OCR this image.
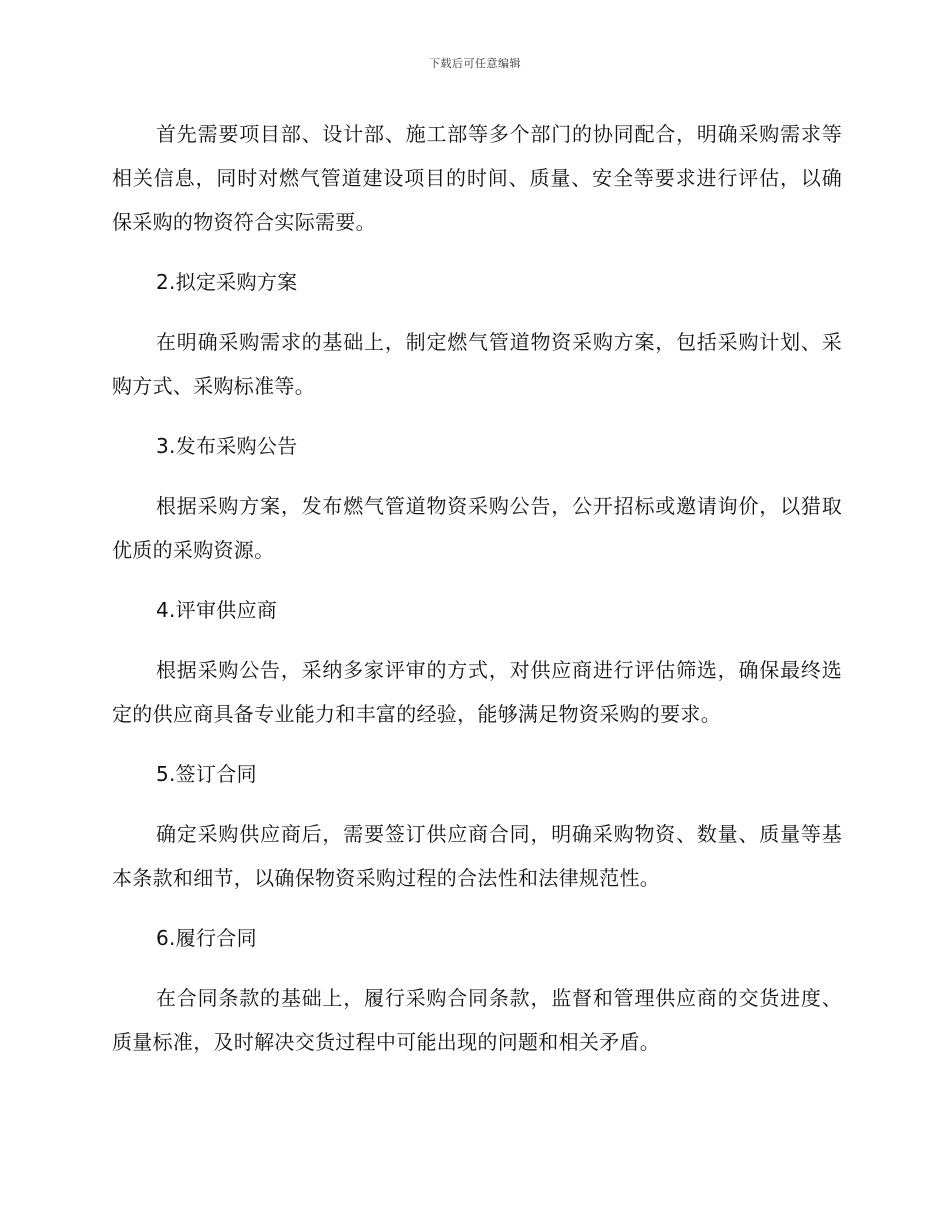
下载后可任意编辑

首先需要项目部、设计部、施工部等多个部门的协同配合，明确采购需求等相关信息，同时对燃气管道建设项目的时间、质量、安全等要求进行评估，以确保采购的物资符合实际需要。

2.拟定采购方案

在明确采购需求的基础上，制定燃气管道物资采购方案，包括采购计划、采购方式、采购标准等。

3.发布采购公告

根据采购方案，发布燃气管道物资采购公告，公开招标或邀请询价，以猎取优质的采购资源。

4.评审供应商

根据采购公告，采纳多家评审的方式，对供应商进行评估筛选，确保最终选定的供应商具备专业能力和丰富的经验，能够满足物资采购的要求。

5.签订合同

确定采购供应商后，需要签订供应商合同，明确采购物资、数量、质量等基本条款和细节，以确保物资采购过程的合法性和法律规范性。

6.履行合同

在合同条款的基础上，履行采购合同条款，监督和管理供应商的交货进度、质量标准，及时解决交货过程中可能出现的问题和相关矛盾。
